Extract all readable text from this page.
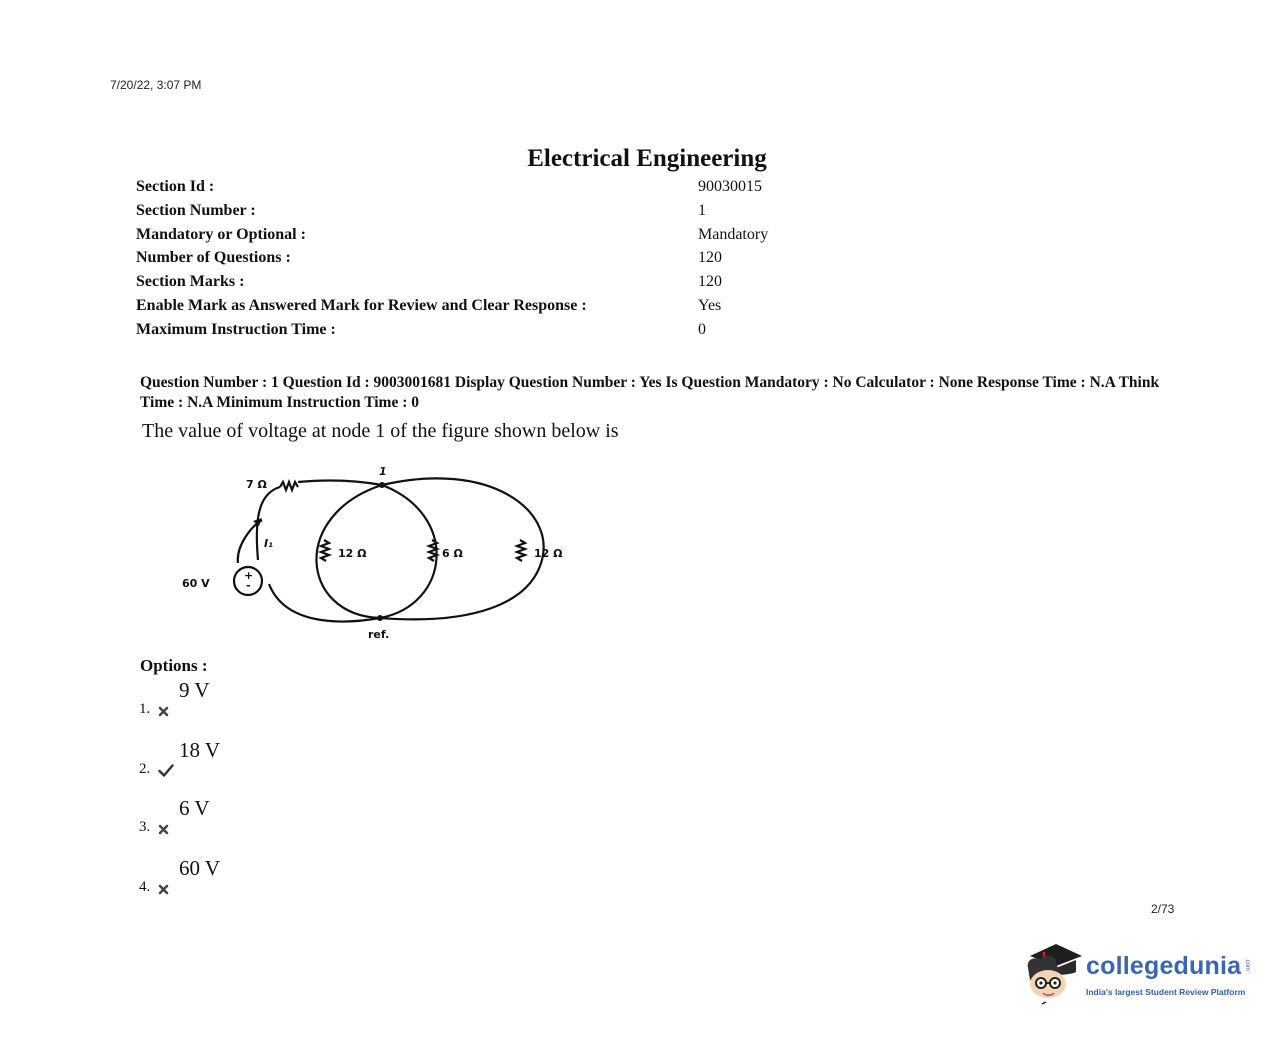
7/20/22, 3:07 PM
Electrical Engineering
Section Id :	90030015
Section Number :	1
Mandatory or Optional :	Mandatory
Number of Questions :	120
Section Marks :	120
Enable Mark as Answered Mark for Review and Clear Response :	Yes
Maximum Instruction Time :	0
Question Number : 1 Question Id : 9003001681 Display Question Number : Yes Is Question Mandatory : No Calculator : None Response Time : N.A Think Time : N.A Minimum Instruction Time : 0
The value of voltage at node 1 of the figure shown below is
7 Ω
1
I₁
12 Ω	6 Ω	12 Ω
60 V
ref.
+
-
Options :
1.
9 V
2.
18 V
3.
6 V
4.
60 V
2/73
collegedunia .com
India's largest Student Review Platform
